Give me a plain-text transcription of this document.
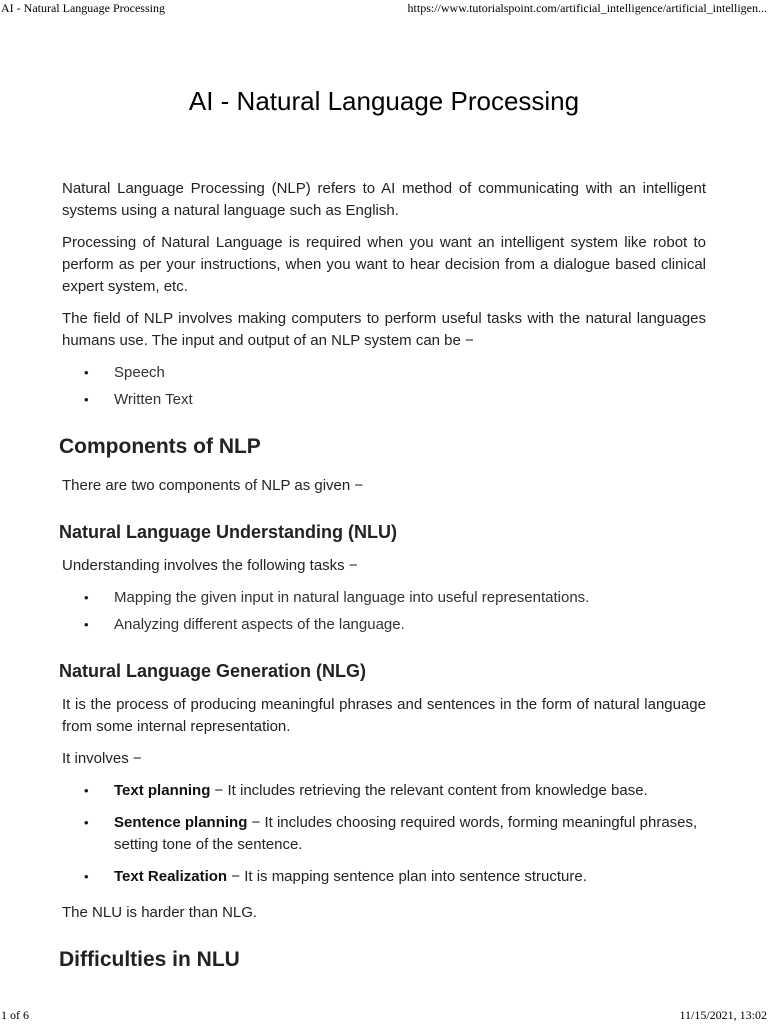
AI - Natural Language Processing	https://www.tutorialspoint.com/artificial_intelligence/artificial_intelligen...
AI - Natural Language Processing

Natural Language Processing (NLP) refers to AI method of communicating with an intelligent systems using a natural language such as English.

Processing of Natural Language is required when you want an intelligent system like robot to perform as per your instructions, when you want to hear decision from a dialogue based clinical expert system, etc.

The field of NLP involves making computers to perform useful tasks with the natural languages humans use. The input and output of an NLP system can be −

• Speech
• Written Text
Components of NLP

There are two components of NLP as given −

Natural Language Understanding (NLU)

Understanding involves the following tasks −

• Mapping the given input in natural language into useful representations.
• Analyzing different aspects of the language.
Natural Language Generation (NLG)

It is the process of producing meaningful phrases and sentences in the form of natural language from some internal representation.

It involves −

• Text planning − It includes retrieving the relevant content from knowledge base.
• Sentence planning − It includes choosing required words, forming meaningful phrases, setting tone of the sentence.
• Text Realization − It is mapping sentence plan into sentence structure.

The NLU is harder than NLG.

Difficulties in NLU
1 of 6	11/15/2021, 13:02
